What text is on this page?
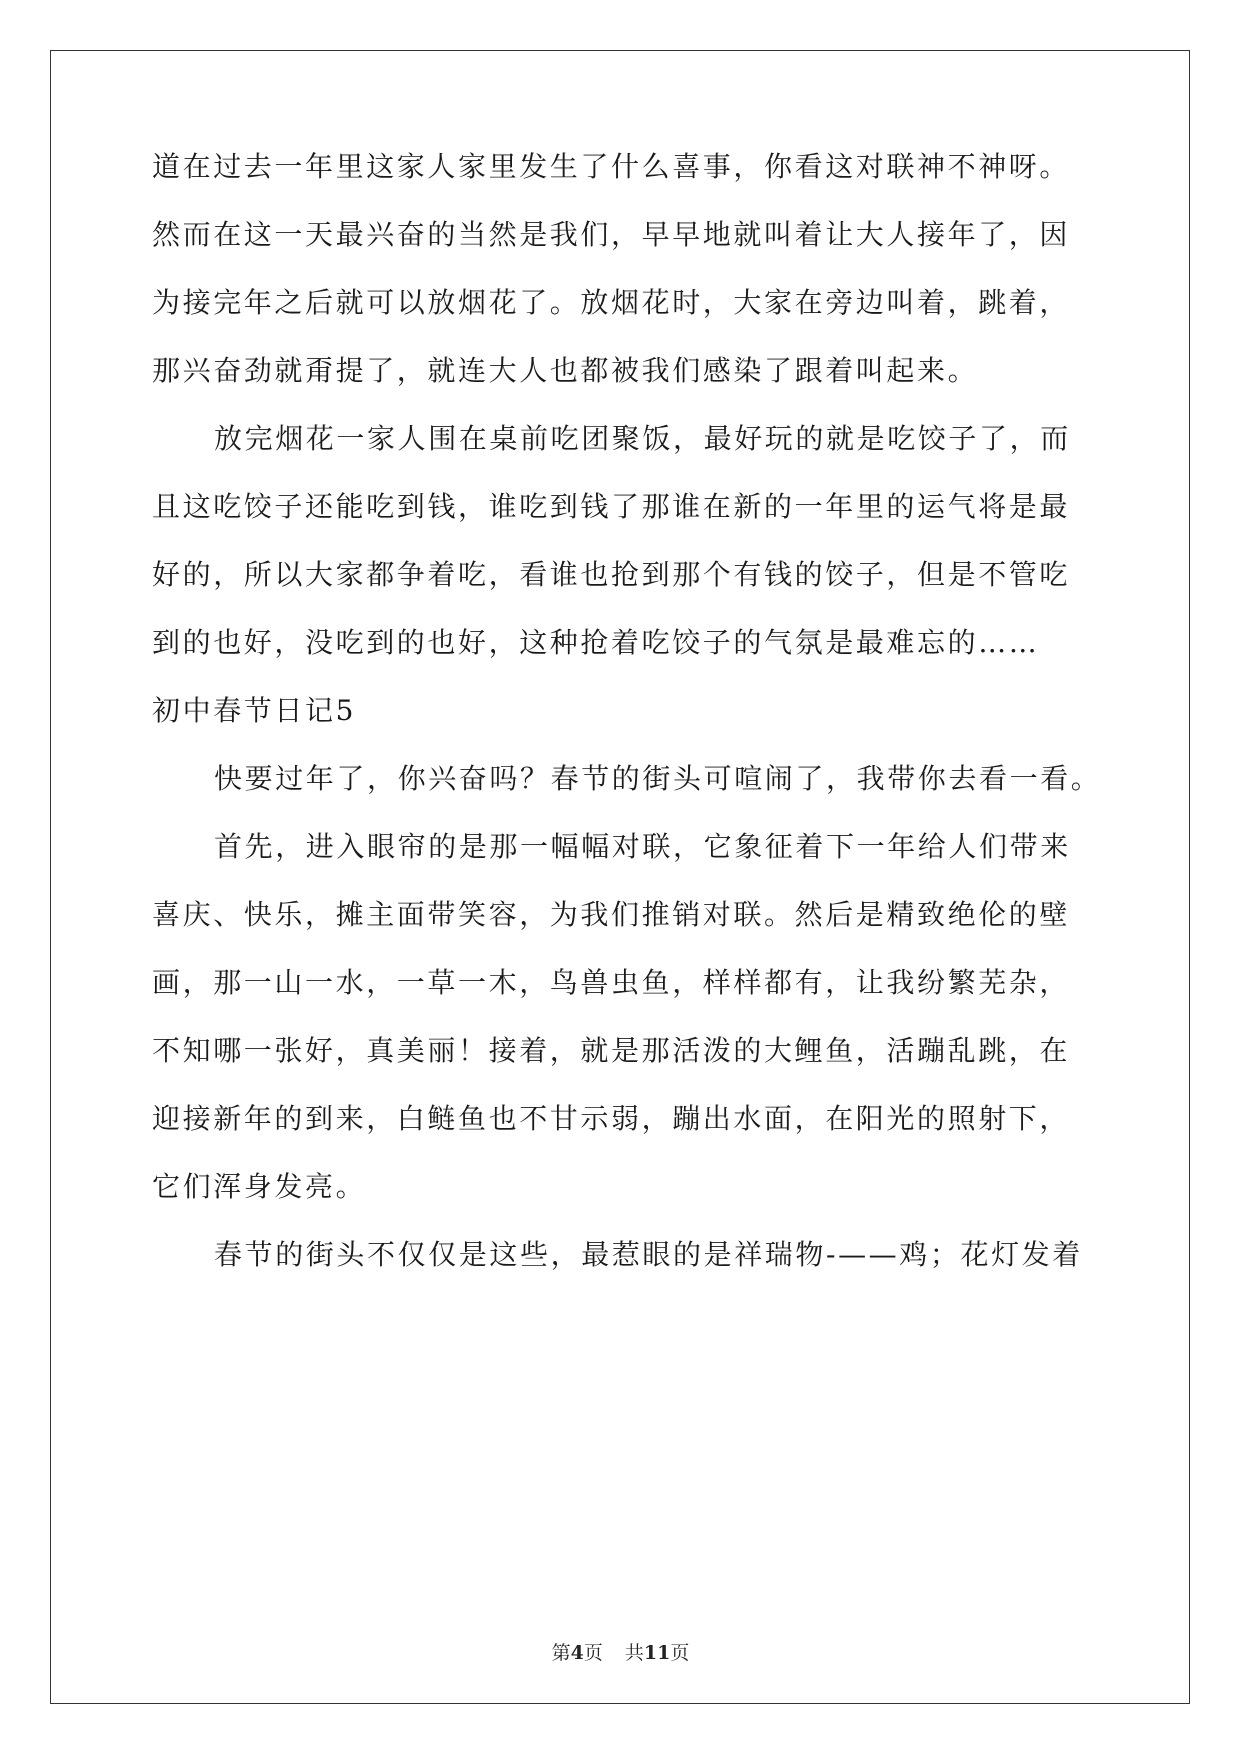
道在过去一年里这家人家里发生了什么喜事，你看这对联神不神呀。
然而在这一天最兴奋的当然是我们，早早地就叫着让大人接年了，因
为接完年之后就可以放烟花了。放烟花时，大家在旁边叫着，跳着，
那兴奋劲就甭提了，就连大人也都被我们感染了跟着叫起来。
放完烟花一家人围在桌前吃团聚饭，最好玩的就是吃饺子了，而
且这吃饺子还能吃到钱，谁吃到钱了那谁在新的一年里的运气将是最
好的，所以大家都争着吃，看谁也抢到那个有钱的饺子，但是不管吃
到的也好，没吃到的也好，这种抢着吃饺子的气氛是最难忘的……
初中春节日记5
快要过年了，你兴奋吗？春节的街头可喧闹了，我带你去看一看。
首先，进入眼帘的是那一幅幅对联，它象征着下一年给人们带来
喜庆、快乐，摊主面带笑容，为我们推销对联。然后是精致绝伦的壁
画，那一山一水，一草一木，鸟兽虫鱼，样样都有，让我纷繁芜杂，
不知哪一张好，真美丽！接着，就是那活泼的大鲤鱼，活蹦乱跳，在
迎接新年的到来，白鲢鱼也不甘示弱，蹦出水面，在阳光的照射下，
它们浑身发亮。
春节的街头不仅仅是这些，最惹眼的是祥瑞物-——鸡；花灯发着
第4页 共11页
